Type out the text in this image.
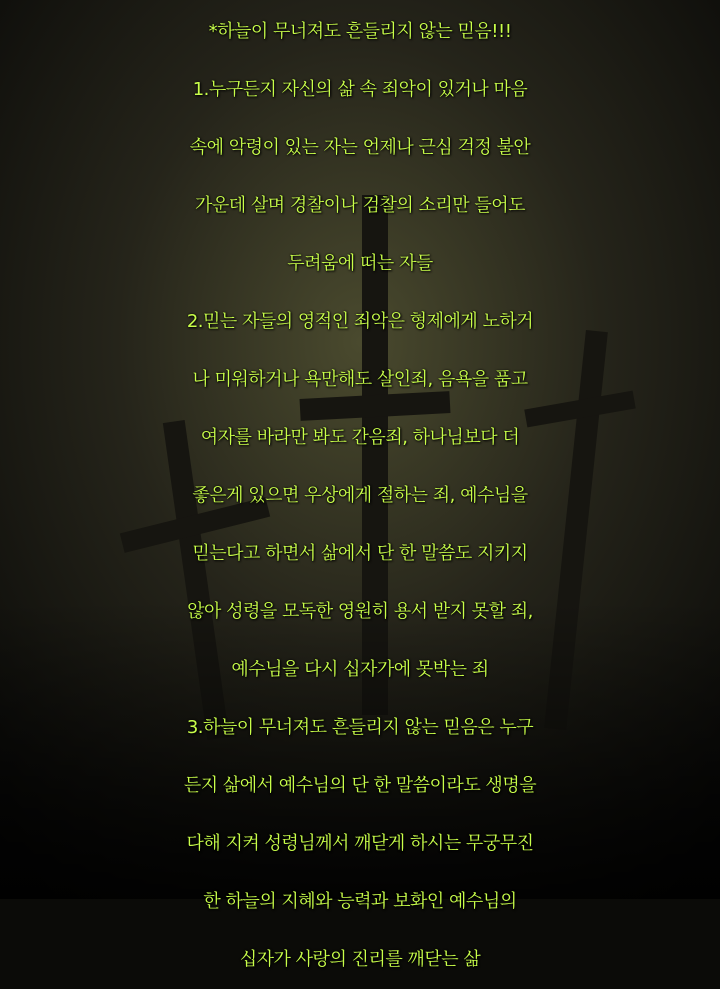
*하늘이 무너져도 흔들리지 않는 믿음!!!
1.누구든지 자신의 삶 속 죄악이 있거나 마음
속에 악령이 있는 자는 언제나 근심 걱정 불안
가운데 살며 경찰이나 검찰의 소리만 들어도
두려움에 떠는 자들
2.믿는 자들의 영적인 죄악은 형제에게 노하거
나 미워하거나 욕만해도 살인죄, 음욕을 품고
여자를 바라만 봐도 간음죄, 하나님보다 더
좋은게 있으면 우상에게 절하는 죄, 예수님을
믿는다고 하면서 삶에서 단 한 말씀도 지키지
않아 성령을 모독한 영원히 용서 받지 못할 죄,
예수님을 다시 십자가에 못박는 죄
3.하늘이 무너져도 흔들리지 않는 믿음은 누구
든지 삶에서 예수님의 단 한 말씀이라도 생명을
다해 지켜 성령님께서 깨닫게 하시는 무궁무진
한 하늘의 지혜와 능력과 보화인 예수님의
십자가 사랑의 진리를 깨닫는 삶
